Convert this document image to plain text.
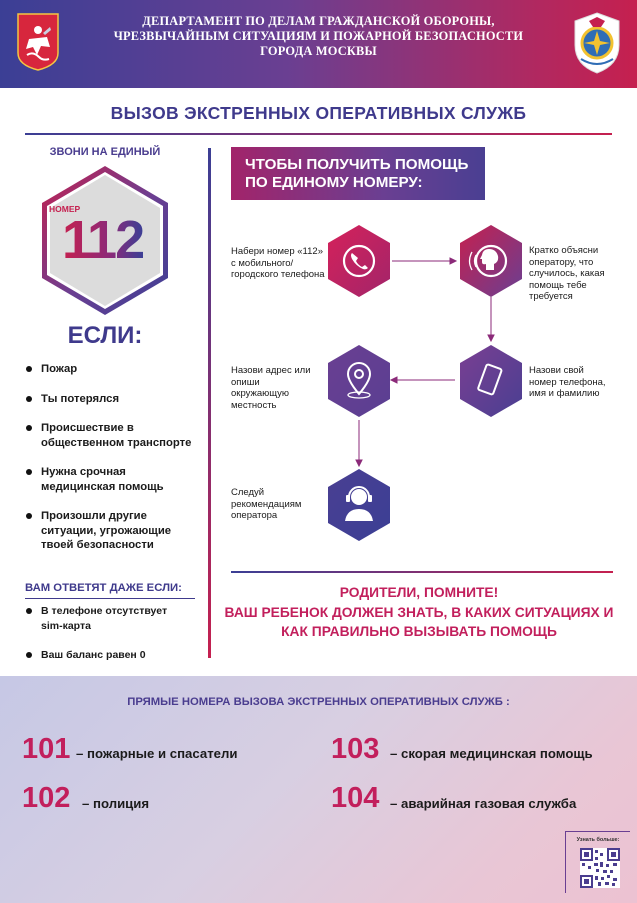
ДЕПАРТАМЕНТ ПО ДЕЛАМ ГРАЖДАНСКОЙ ОБОРОНЫ,
ЧРЕЗВЫЧАЙНЫМ СИТУАЦИЯМ И ПОЖАРНОЙ БЕЗОПАСНОСТИ
ГОРОДА МОСКВЫ
ВЫЗОВ ЭКСТРЕННЫХ ОПЕРАТИВНЫХ СЛУЖБ
ЗВОНИ НА ЕДИНЫЙ
НОМЕР
112
ЕСЛИ:
Пожар
Ты потерялся
Происшествие в общественном транспорте
Нужна срочная медицинская помощь
Произошли другие ситуации, угрожающие твоей безопасности
ВАМ ОТВЕТЯТ ДАЖЕ ЕСЛИ:
В телефоне отсутствует sim-карта
Ваш баланс равен 0
ЧТОБЫ ПОЛУЧИТЬ ПОМОЩЬ ПО ЕДИНОМУ НОМЕРУ:
Набери номер «112» с мобильного/ городского телефона
Кратко объясни оператору, что случилось, какая помощь тебе требуется
Назови свой номер телефона, имя и фамилию
Назови адрес или опиши окружающую местность
Следуй рекомендациям оператора
РОДИТЕЛИ, ПОМНИТЕ!
ВАШ РЕБЕНОК ДОЛЖЕН ЗНАТЬ, В КАКИХ СИТУАЦИЯХ И
КАК ПРАВИЛЬНО ВЫЗЫВАТЬ ПОМОЩЬ
ПРЯМЫЕ НОМЕРА ВЫЗОВА ЭКСТРЕННЫХ ОПЕРАТИВНЫХ СЛУЖБ :
101 – пожарные и спасатели	103 – скорая медицинская помощь
102 – полиция	104 – аварийная газовая служба
Узнать больше:
